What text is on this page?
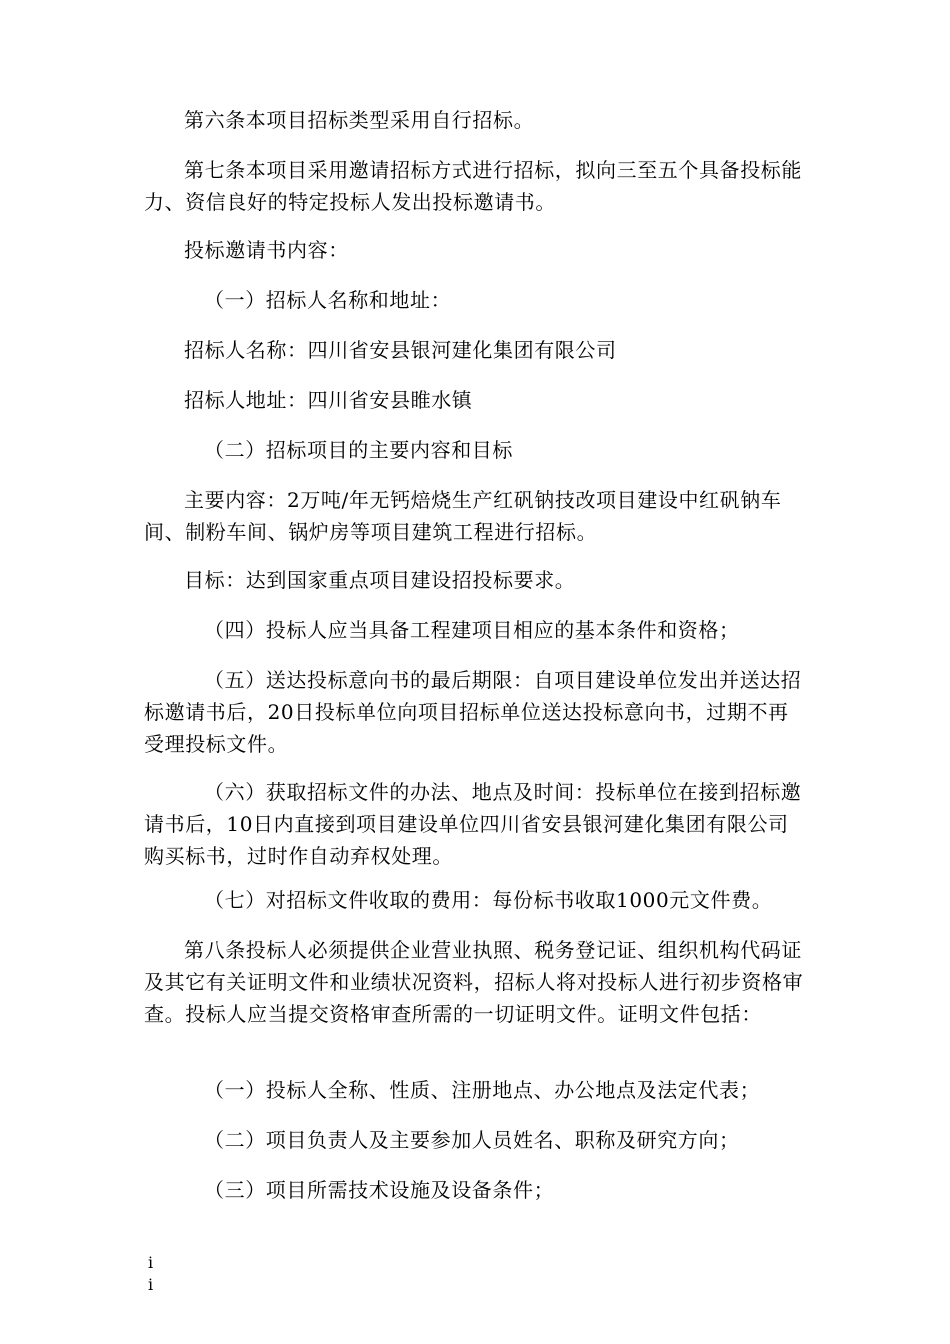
第六条本项目招标类型采用自行招标。

第七条本项目采用邀请招标方式进行招标，拟向三至五个具备投标能力、资信良好的特定投标人发出投标邀请书。

投标邀请书内容：

（一）招标人名称和地址：

招标人名称：四川省安县银河建化集团有限公司

招标人地址：四川省安县睢水镇

（二）招标项目的主要内容和目标

主要内容：2万吨/年无钙焙烧生产红矾钠技改项目建设中红矾钠车间、制粉车间、锅炉房等项目建筑工程进行招标。

目标：达到国家重点项目建设招投标要求。

（四）投标人应当具备工程建项目相应的基本条件和资格；

（五）送达投标意向书的最后期限：自项目建设单位发出并送达招标邀请书后，20日投标单位向项目招标单位送达投标意向书，过期不再受理投标文件。

（六）获取招标文件的办法、地点及时间：投标单位在接到招标邀请书后，10日内直接到项目建设单位四川省安县银河建化集团有限公司购买标书，过时作自动弃权处理。

（七）对招标文件收取的费用：每份标书收取1000元文件费。

第八条投标人必须提供企业营业执照、税务登记证、组织机构代码证及其它有关证明文件和业绩状况资料，招标人将对投标人进行初步资格审查。投标人应当提交资格审查所需的一切证明文件。证明文件包括：

（一）投标人全称、性质、注册地点、办公地点及法定代表；

（二）项目负责人及主要参加人员姓名、职称及研究方向；

（三）项目所需技术设施及设备条件；

i
i
